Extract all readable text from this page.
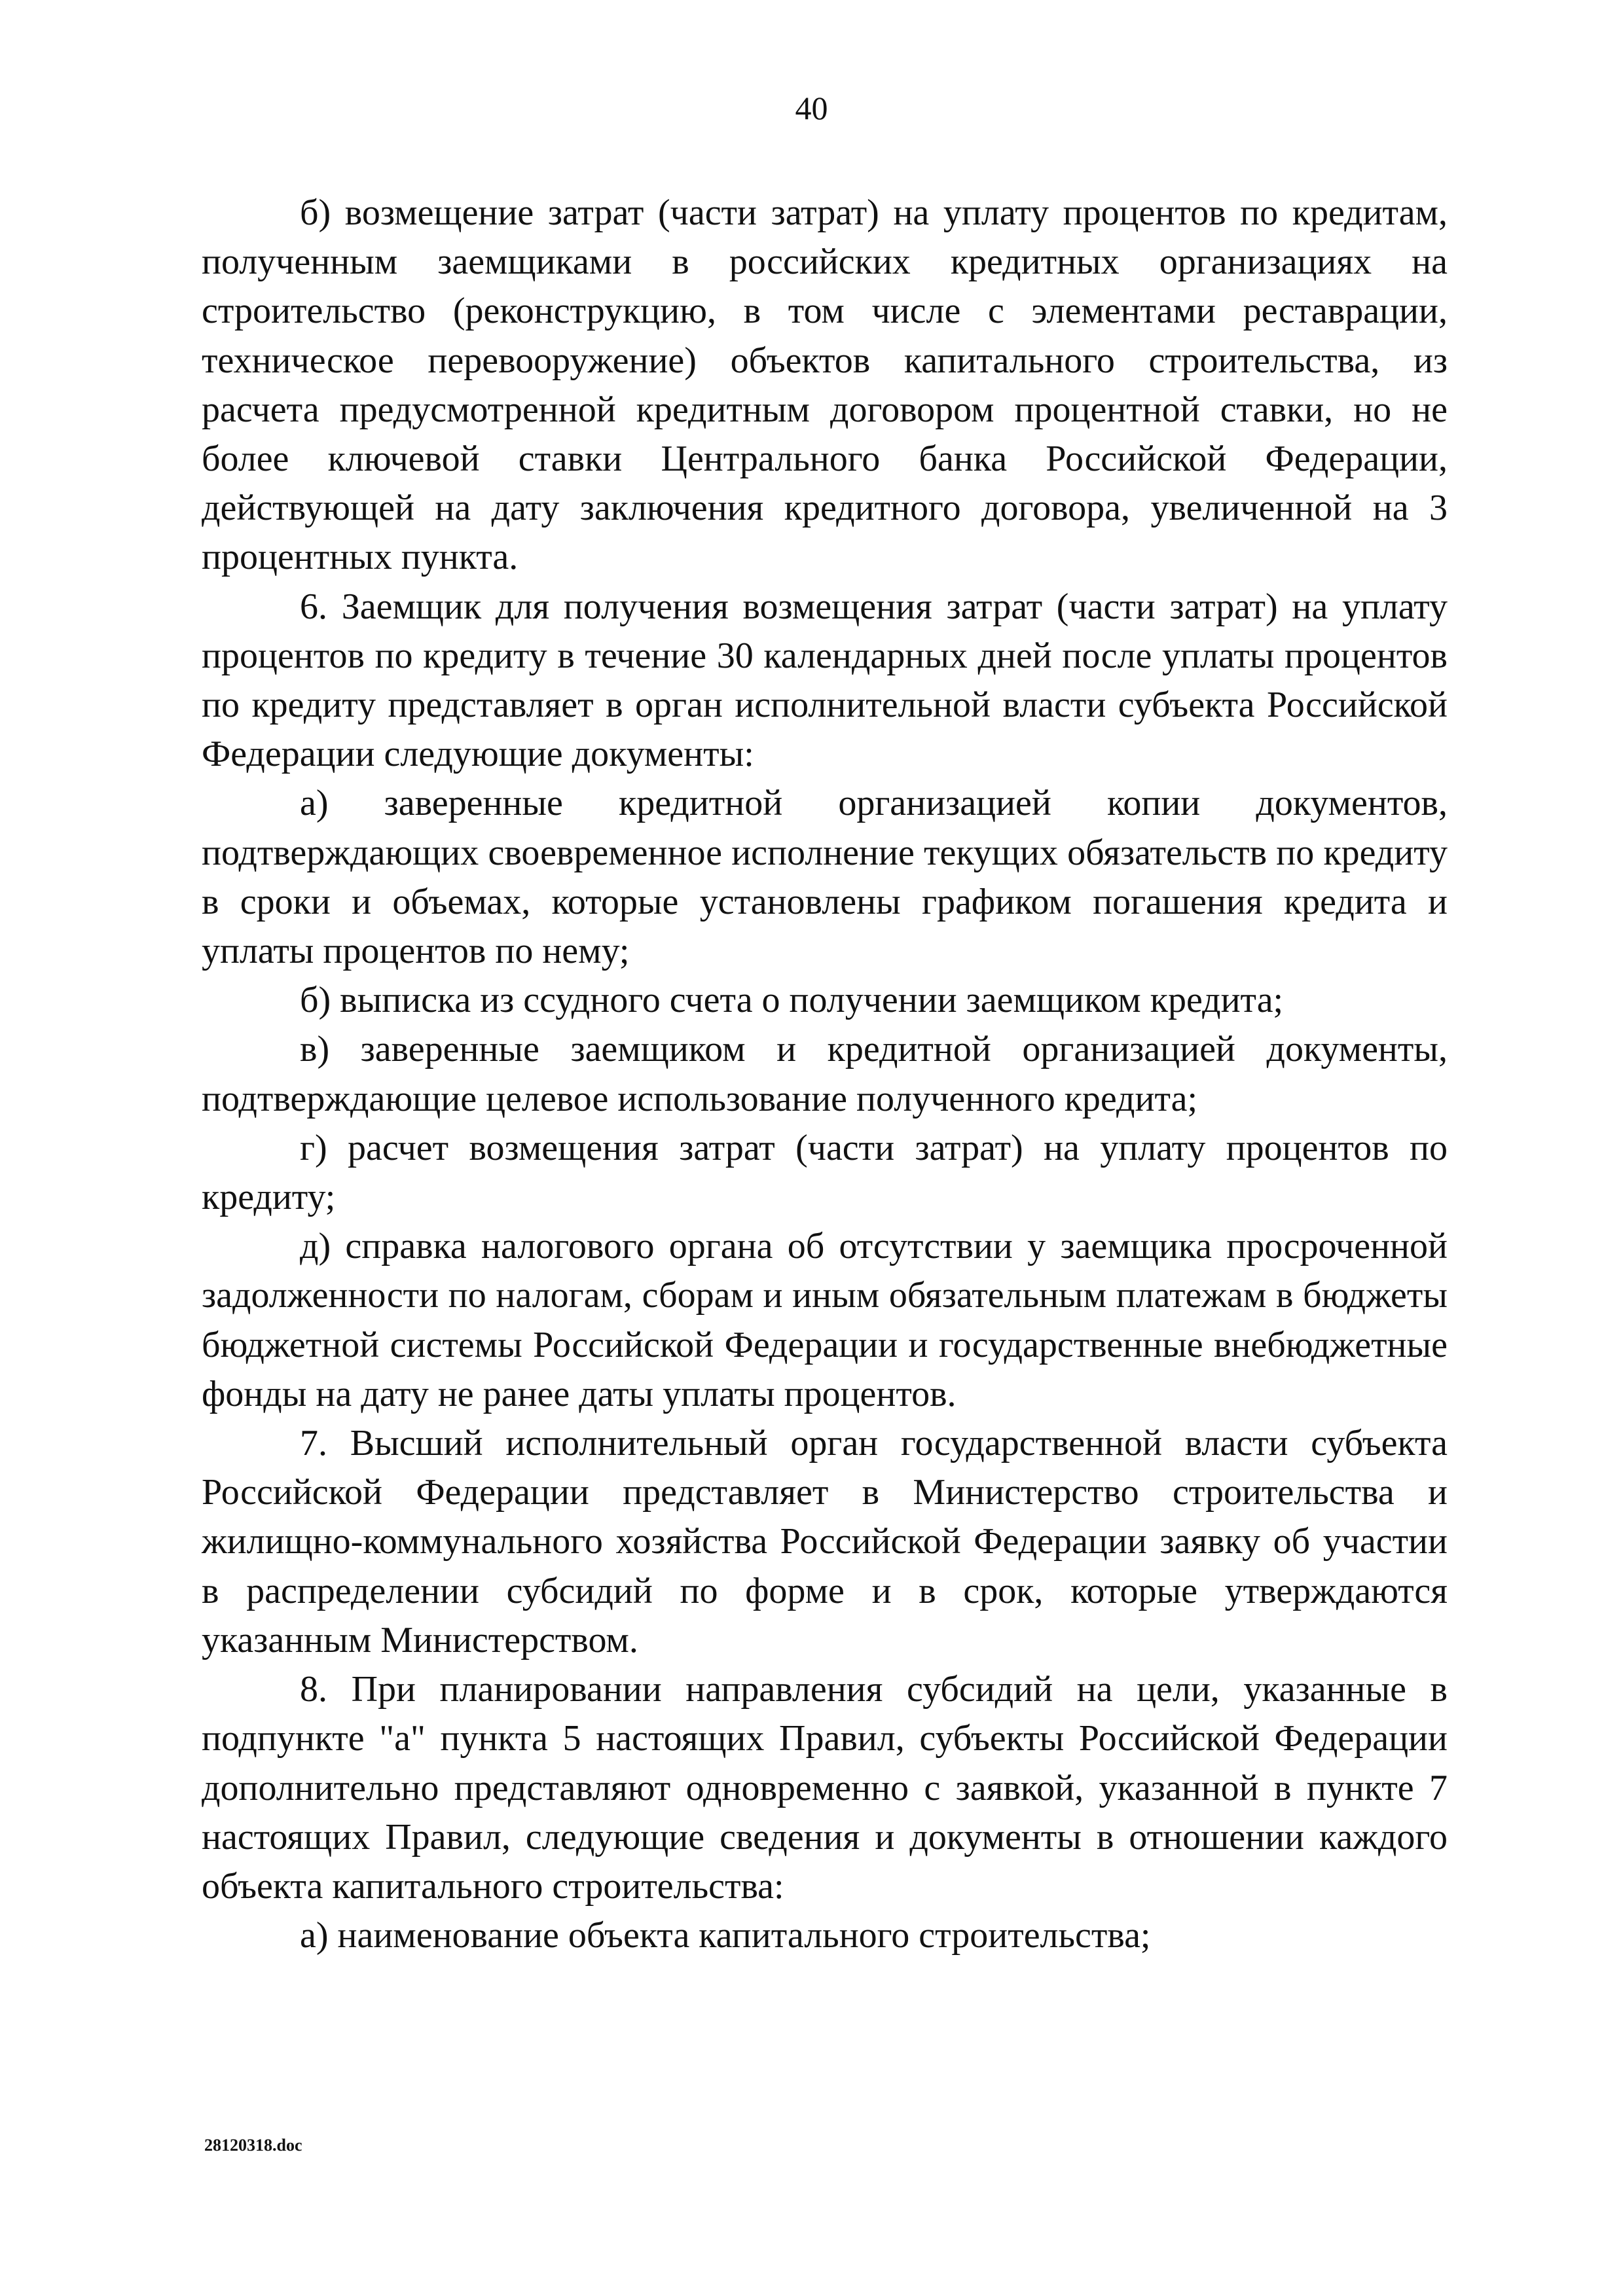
40

б) возмещение затрат (части затрат) на уплату процентов по кредитам, полученным заемщиками в российских кредитных организациях на строительство (реконструкцию, в том числе с элементами реставрации, техническое перевооружение) объектов капитального строительства, из расчета предусмотренной кредитным договором процентной ставки, но не более ключевой ставки Центрального банка Российской Федерации, действующей на дату заключения кредитного договора, увеличенной на 3 процентных пункта.

6. Заемщик для получения возмещения затрат (части затрат) на уплату процентов по кредиту в течение 30 календарных дней после уплаты процентов по кредиту представляет в орган исполнительной власти субъекта Российской Федерации следующие документы:

а) заверенные кредитной организацией копии документов, подтверждающих своевременное исполнение текущих обязательств по кредиту в сроки и объемах, которые установлены графиком погашения кредита и уплаты процентов по нему;

б) выписка из ссудного счета о получении заемщиком кредита;

в) заверенные заемщиком и кредитной организацией документы, подтверждающие целевое использование полученного кредита;

г) расчет возмещения затрат (части затрат) на уплату процентов по кредиту;

д) справка налогового органа об отсутствии у заемщика просроченной задолженности по налогам, сборам и иным обязательным платежам в бюджеты бюджетной системы Российской Федерации и государственные внебюджетные фонды на дату не ранее даты уплаты процентов.

7. Высший исполнительный орган государственной власти субъекта Российской Федерации представляет в Министерство строительства и жилищно-коммунального хозяйства Российской Федерации заявку об участии в распределении субсидий по форме и в срок, которые утверждаются указанным Министерством.

8. При планировании направления субсидий на цели, указанные в подпункте "а" пункта 5 настоящих Правил, субъекты Российской Федерации дополнительно представляют одновременно с заявкой, указанной в пункте 7 настоящих Правил, следующие сведения и документы в отношении каждого объекта капитального строительства:

а) наименование объекта капитального строительства;

28120318.doc
